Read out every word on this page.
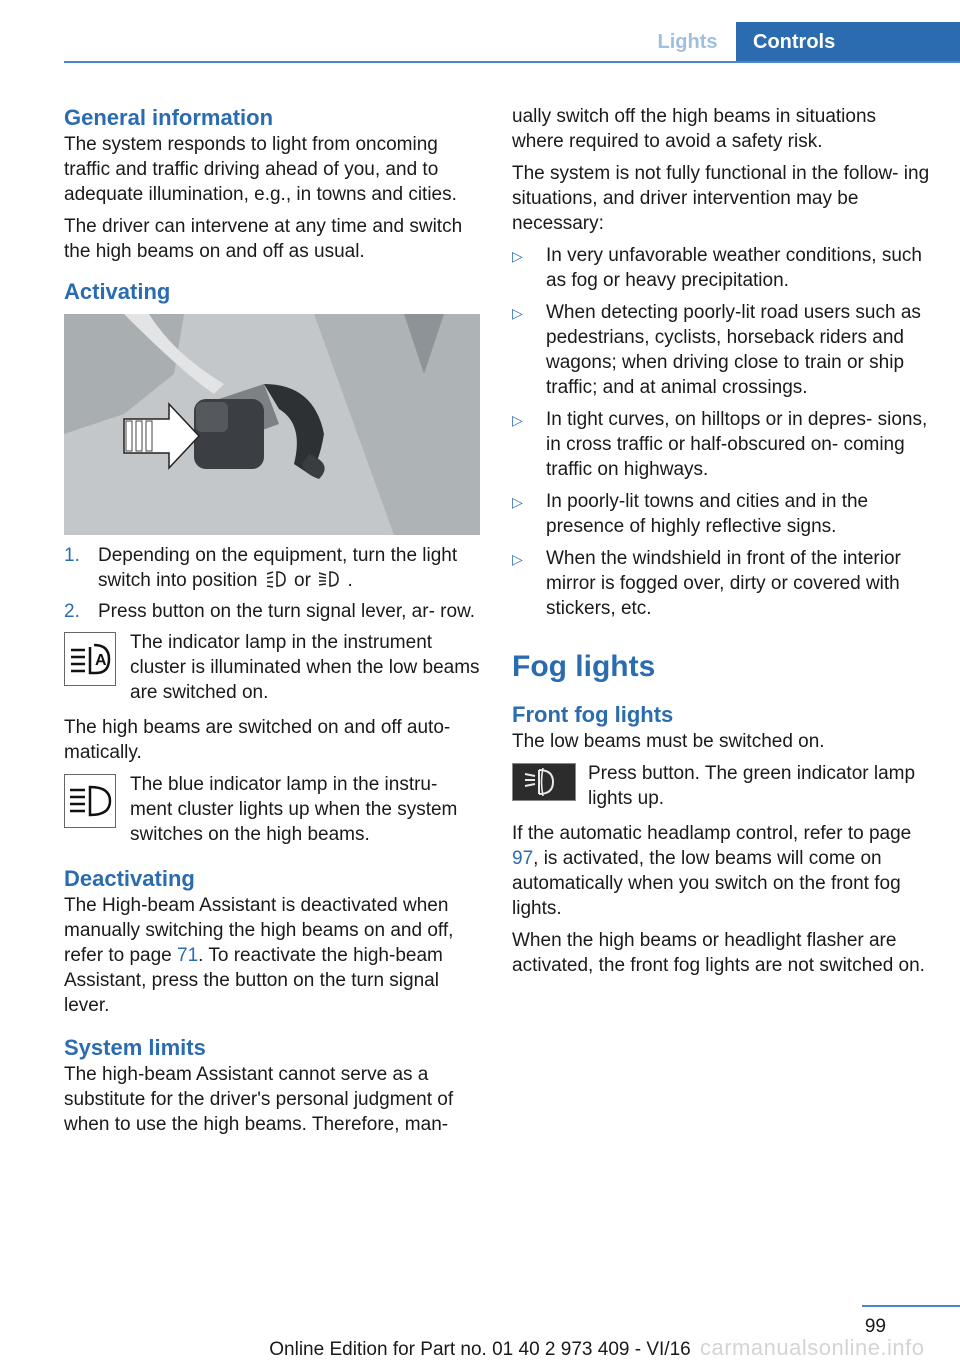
Lights	Controls
General information

The system responds to light from oncoming traffic and traffic driving ahead of you, and to adequate illumination, e.g., in towns and cities.

The driver can intervene at any time and switch the high beams on and off as usual.

Activating
1. Depending on the equipment, turn the light switch into position or .
2. Press button on the turn signal lever, ar‐ row.
A
The indicator lamp in the instrument cluster is illuminated when the low beams are switched on.

The high beams are switched on and off auto‐ matically.

The blue indicator lamp in the instru‐ ment cluster lights up when the system switches on the high beams.
Deactivating

The High-beam Assistant is deactivated when manually switching the high beams on and off, refer to page 71. To reactivate the high-beam Assistant, press the button on the turn signal lever.

System limits

The high-beam Assistant cannot serve as a substitute for the driver's personal judgment of when to use the high beams. Therefore, man‐

ually switch off the high beams in situations where required to avoid a safety risk.

The system is not fully functional in the follow‐ ing situations, and driver intervention may be necessary:

▷ In very unfavorable weather conditions, such as fog or heavy precipitation.
▷ When detecting poorly-lit road users such as pedestrians, cyclists, horseback riders and wagons; when driving close to train or ship traffic; and at animal crossings.
▷ In tight curves, on hilltops or in depres‐ sions, in cross traffic or half-obscured on‐ coming traffic on highways.
▷ In poorly-lit towns and cities and in the presence of highly reflective signs.
▷ When the windshield in front of the interior mirror is fogged over, dirty or covered with stickers, etc.
Fog lights
Front fog lights

The low beams must be switched on.

Press button. The green indicator lamp lights up.

If the automatic headlamp control, refer to page 97, is activated, the low beams will come on automatically when you switch on the front fog lights.

When the high beams or headlight flasher are activated, the front fog lights are not switched on.

99
Online Edition for Part no. 01 40 2 973 409 - VI/16 carmanualsonline.info
